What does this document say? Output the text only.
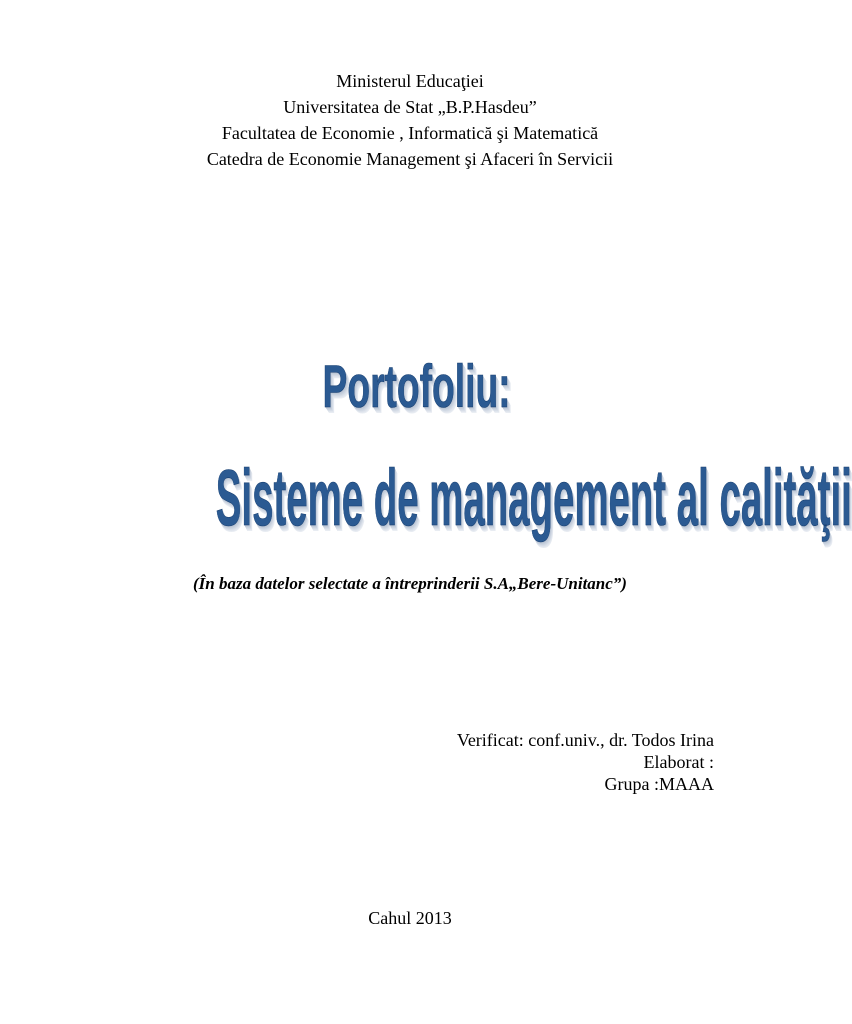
Ministerul Educaţiei
Universitatea de Stat „B.P.Hasdeu”
Facultatea de Economie , Informatică şi Matematică
Catedra de Economie Management şi Afaceri în Servicii
Portofoliu:
Sisteme de management al calităţii
(În baza datelor selectate a întreprinderii S.A„Bere-Unitanc”)
Verificat: conf.univ., dr. Todos Irina
Elaborat :
Grupa :MAAA
Cahul 2013
